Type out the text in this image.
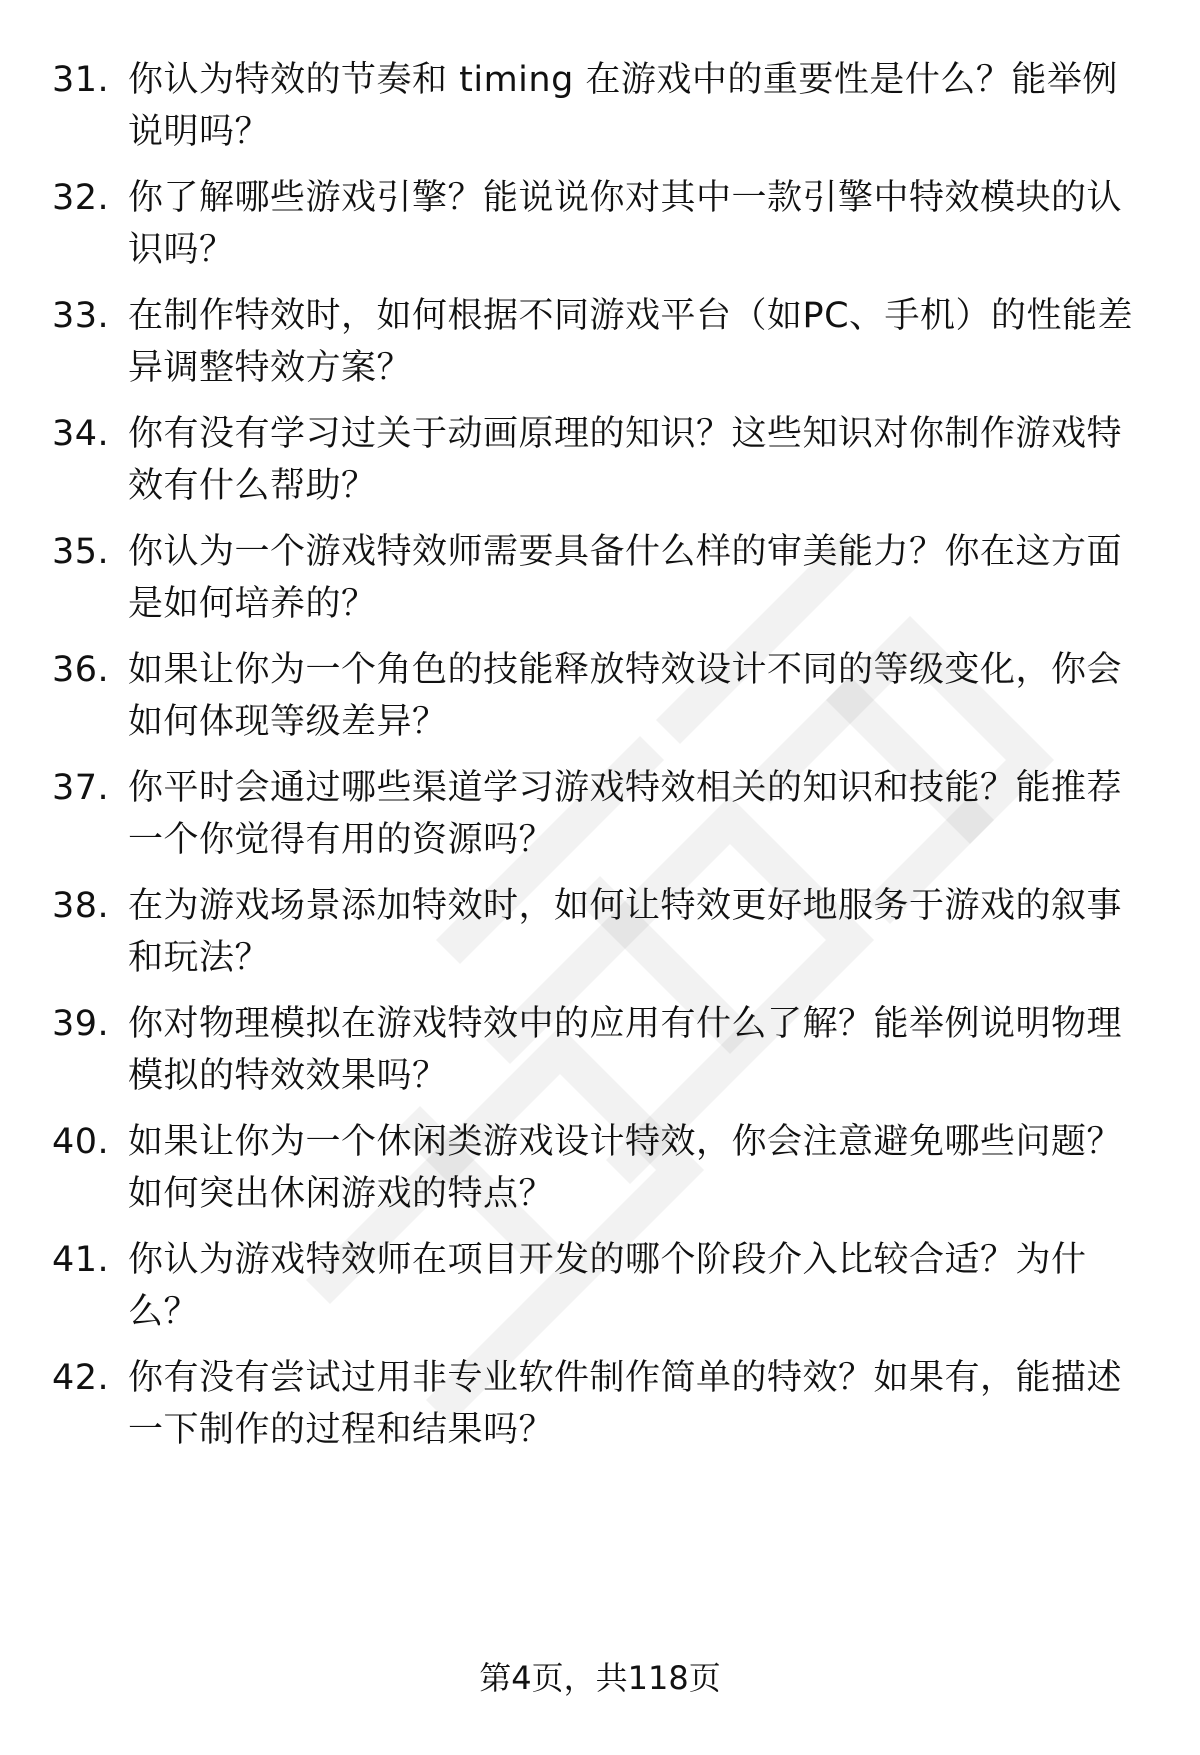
31. 你认为特效的节奏和 timing 在游戏中的重要性是什么？能举例说明吗？
32. 你了解哪些游戏引擎？能说说你对其中一款引擎中特效模块的认识吗？
33. 在制作特效时，如何根据不同游戏平台（如PC、手机）的性能差异调整特效方案？
34. 你有没有学习过关于动画原理的知识？这些知识对你制作游戏特效有什么帮助？
35. 你认为一个游戏特效师需要具备什么样的审美能力？你在这方面是如何培养的？
36. 如果让你为一个角色的技能释放特效设计不同的等级变化，你会如何体现等级差异？
37. 你平时会通过哪些渠道学习游戏特效相关的知识和技能？能推荐一个你觉得有用的资源吗？
38. 在为游戏场景添加特效时，如何让特效更好地服务于游戏的叙事和玩法？
39. 你对物理模拟在游戏特效中的应用有什么了解？能举例说明物理模拟的特效效果吗？
40. 如果让你为一个休闲类游戏设计特效，你会注意避免哪些问题？如何突出休闲游戏的特点？
41. 你认为游戏特效师在项目开发的哪个阶段介入比较合适？为什么？
42. 你有没有尝试过用非专业软件制作简单的特效？如果有，能描述一下制作的过程和结果吗？
第4页，共118页
